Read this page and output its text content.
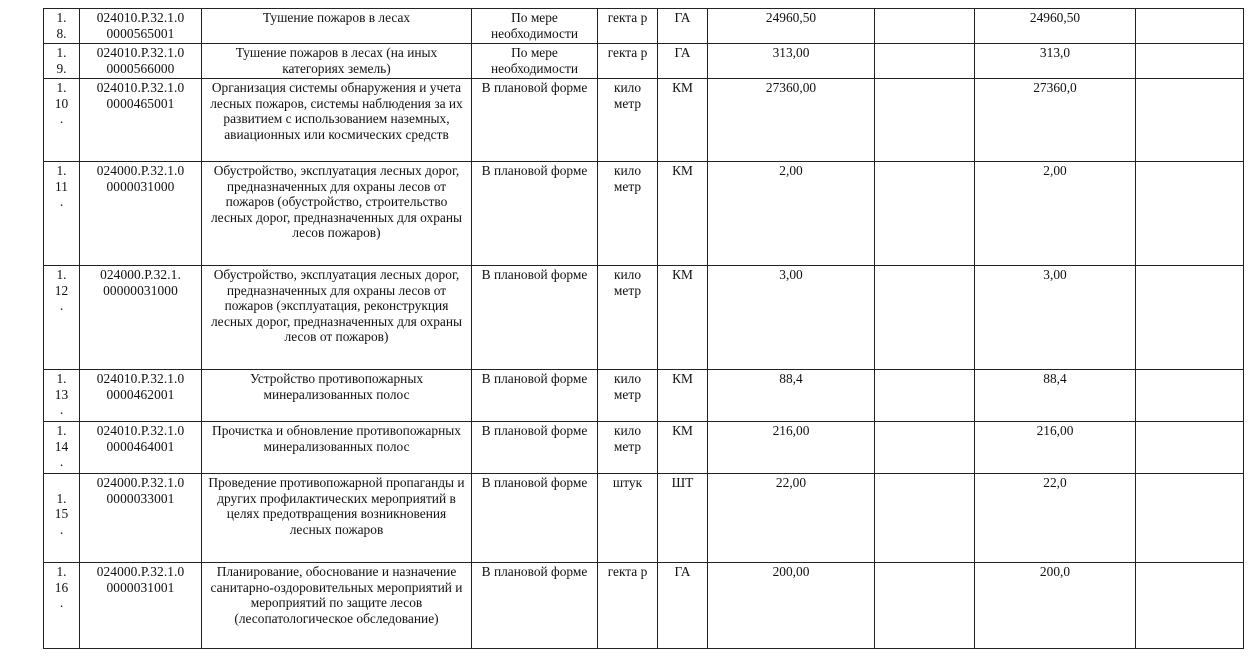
1.
8.	024010.Р.32.1.0 0000565001	Тушение пожаров в лесах	По мере необходимости	гекта р	ГА	24960,50		24960,50	

1.
9.	024010.Р.32.1.0 0000566000	Тушение пожаров в лесах (на иных категориях земель)	По мере необходимости	гекта р	ГА	313,00		313,0	

1.
10
.	024010.Р.32.1.0 0000465001	Организация системы обнаружения и учета лесных пожаров, системы наблюдения за их развитием с использованием наземных, авиационных или космических средств	В плановой форме	кило метр	КМ	27360,00		27360,0	

1.
11
.	024000.Р.32.1.0 0000031000	Обустройство, эксплуатация лесных дорог, предназначенных для охраны лесов от пожаров (обустройство, строительство лесных дорог, предназначенных для охраны лесов пожаров)	В плановой форме	кило метр	КМ	2,00		2,00	

1.
12
.	024000.Р.32.1. 00000031000	Обустройство, эксплуатация лесных дорог, предназначенных для охраны лесов от пожаров (эксплуатация, реконструкция лесных дорог, предназначенных для охраны лесов от пожаров)	В плановой форме	кило метр	КМ	3,00		3,00	

1.
13
.	024010.Р.32.1.0 0000462001	Устройство противопожарных минерализованных полос	В плановой форме	кило метр	КМ	88,4		88,4	

1.
14
.	024010.Р.32.1.0 0000464001	Прочистка и обновление противопожарных минерализованных полос	В плановой форме	кило метр	КМ	216,00		216,00	

1.
15
.	024000.Р.32.1.0 0000033001	Проведение противопожарной пропаганды и других профилактических мероприятий в целях предотвращения возникновения лесных пожаров	В плановой форме	штук	ШТ	22,00		22,0	

1.
16
.	024000.Р.32.1.0 0000031001	Планирование, обоснование и назначение санитарно-оздоровительных мероприятий и мероприятий по защите лесов (лесопатологическое обследование)	В плановой форме	гекта р	ГА	200,00		200,0	
